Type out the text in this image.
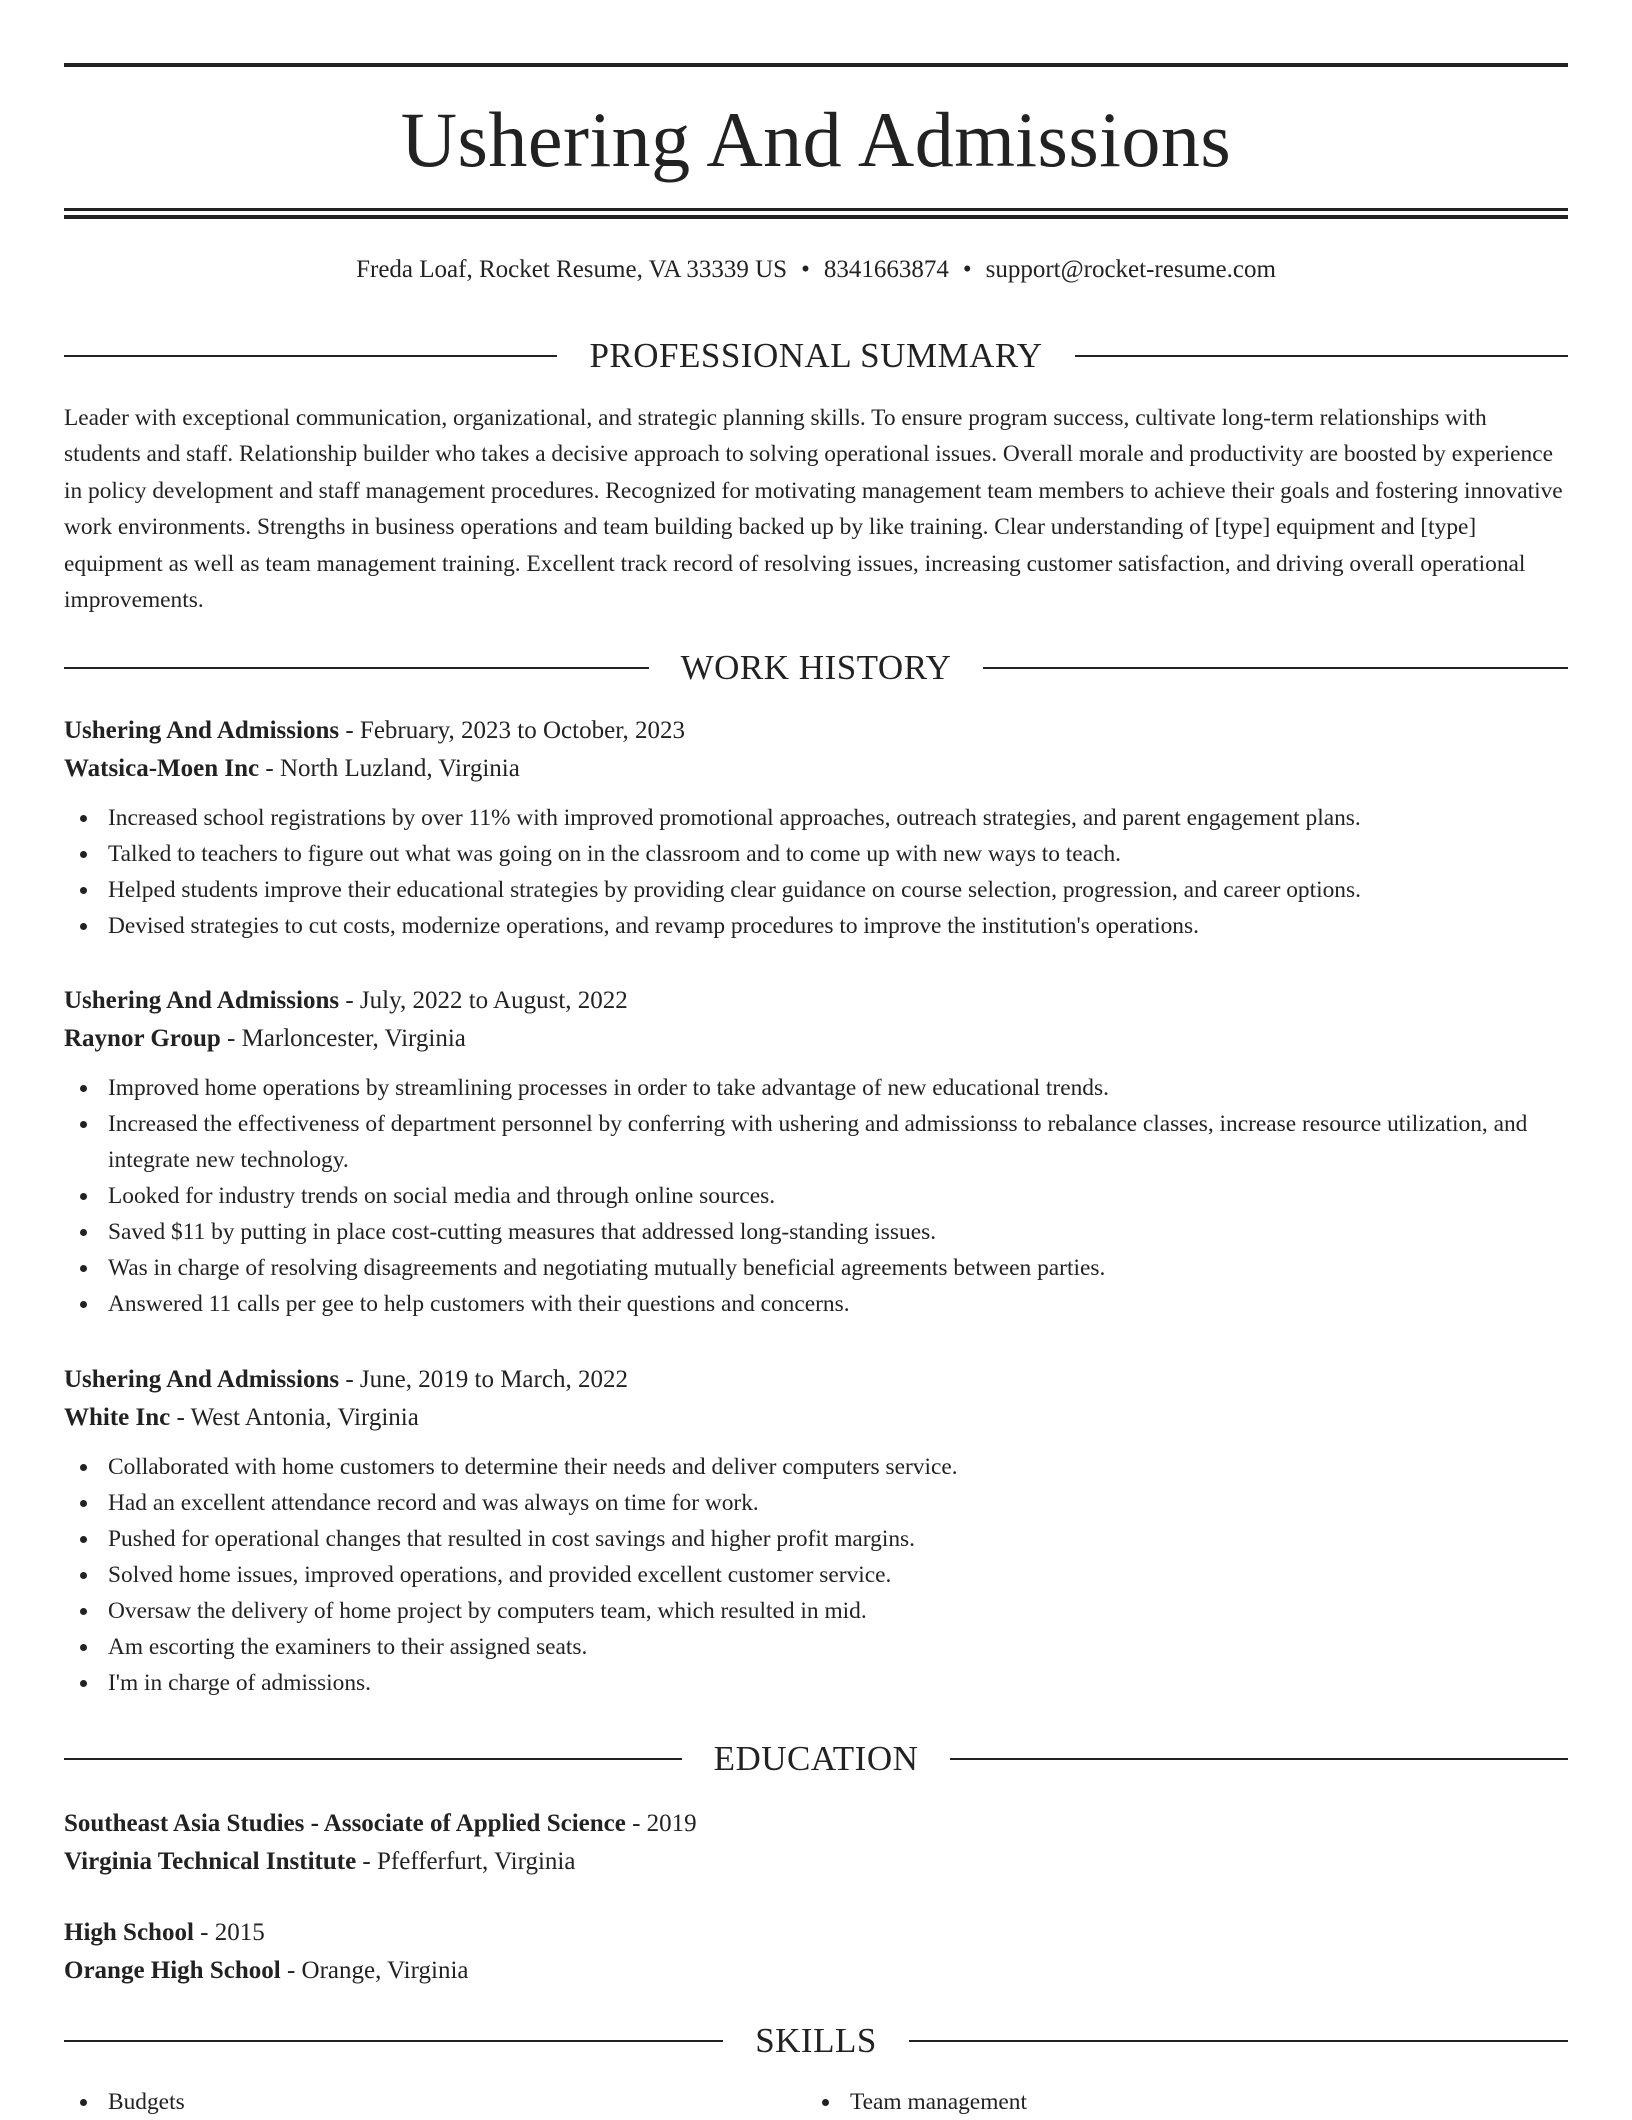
Ushering And Admissions
Freda Loaf, Rocket Resume, VA 33339 US • 8341663874 • support@rocket-resume.com
PROFESSIONAL SUMMARY

Leader with exceptional communication, organizational, and strategic planning skills. To ensure program success, cultivate long-term relationships with students and staff. Relationship builder who takes a decisive approach to solving operational issues. Overall morale and productivity are boosted by experience in policy development and staff management procedures. Recognized for motivating management team members to achieve their goals and fostering innovative work environments. Strengths in business operations and team building backed up by like training. Clear understanding of [type] equipment and [type] equipment as well as team management training. Excellent track record of resolving issues, increasing customer satisfaction, and driving overall operational improvements.

WORK HISTORY
Ushering And Admissions - February, 2023 to October, 2023
Watsica-Moen Inc - North Luzland, Virginia
Increased school registrations by over 11% with improved promotional approaches, outreach strategies, and parent engagement plans.
Talked to teachers to figure out what was going on in the classroom and to come up with new ways to teach.
Helped students improve their educational strategies by providing clear guidance on course selection, progression, and career options.
Devised strategies to cut costs, modernize operations, and revamp procedures to improve the institution's operations.
Ushering And Admissions - July, 2022 to August, 2022
Raynor Group - Marloncester, Virginia
Improved home operations by streamlining processes in order to take advantage of new educational trends.
Increased the effectiveness of department personnel by conferring with ushering and admissionss to rebalance classes, increase resource utilization, and integrate new technology.
Looked for industry trends on social media and through online sources.
Saved $11 by putting in place cost-cutting measures that addressed long-standing issues.
Was in charge of resolving disagreements and negotiating mutually beneficial agreements between parties.
Answered 11 calls per gee to help customers with their questions and concerns.
Ushering And Admissions - June, 2019 to March, 2022
White Inc - West Antonia, Virginia
Collaborated with home customers to determine their needs and deliver computers service.
Had an excellent attendance record and was always on time for work.
Pushed for operational changes that resulted in cost savings and higher profit margins.
Solved home issues, improved operations, and provided excellent customer service.
Oversaw the delivery of home project by computers team, which resulted in mid.
Am escorting the examiners to their assigned seats.
I'm in charge of admissions.
EDUCATION
Southeast Asia Studies - Associate of Applied Science - 2019
Virginia Technical Institute - Pfefferfurt, Virginia
High School - 2015
Orange High School - Orange, Virginia
SKILLS
Budgets	Team management
